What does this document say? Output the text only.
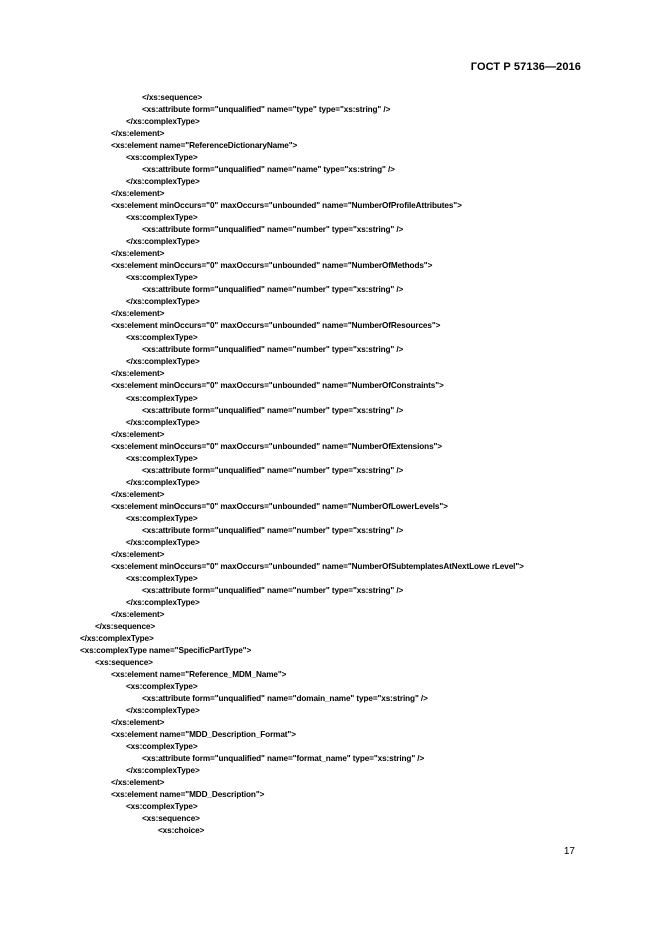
ГОСТ Р 57136—2016
</xs:sequence>
<xs:attribute form="unqualified" name="type" type="xs:string" />
</xs:complexType>
</xs:element>
<xs:element name="ReferenceDictionaryName">
<xs:complexType>
<xs:attribute form="unqualified" name="name" type="xs:string" />
</xs:complexType>
</xs:element>
<xs:element minOccurs="0" maxOccurs="unbounded" name="NumberOfProfileAttributes">
<xs:complexType>
<xs:attribute form="unqualified" name="number" type="xs:string" />
</xs:complexType>
</xs:element>
<xs:element minOccurs="0" maxOccurs="unbounded" name="NumberOfMethods">
<xs:complexType>
<xs:attribute form="unqualified" name="number" type="xs:string" />
</xs:complexType>
</xs:element>
<xs:element minOccurs="0" maxOccurs="unbounded" name="NumberOfResources">
<xs:complexType>
<xs:attribute form="unqualified" name="number" type="xs:string" />
</xs:complexType>
</xs:element>
<xs:element minOccurs="0" maxOccurs="unbounded" name="NumberOfConstraints">
<xs:complexType>
<xs:attribute form="unqualified" name="number" type="xs:string" />
</xs:complexType>
</xs:element>
<xs:element minOccurs="0" maxOccurs="unbounded" name="NumberOfExtensions">
<xs:complexType>
<xs:attribute form="unqualified" name="number" type="xs:string" />
</xs:complexType>
</xs:element>
<xs:element minOccurs="0" maxOccurs="unbounded" name="NumberOfLowerLevels">
<xs:complexType>
<xs:attribute form="unqualified" name="number" type="xs:string" />
</xs:complexType>
</xs:element>
<xs:element minOccurs="0" maxOccurs="unbounded" name="NumberOfSubtemplatesAtNextLowe rLevel">
<xs:complexType>
<xs:attribute form="unqualified" name="number" type="xs:string" />
</xs:complexType>
</xs:element>
</xs:sequence>
</xs:complexType>
<xs:complexType name="SpecificPartType">
<xs:sequence>
<xs:element name="Reference_MDM_Name">
<xs:complexType>
<xs:attribute form="unqualified" name="domain_name" type="xs:string" />
</xs:complexType>
</xs:element>
<xs:element name="MDD_Description_Format">
<xs:complexType>
<xs:attribute form="unqualified" name="format_name" type="xs:string" />
</xs:complexType>
</xs:element>
<xs:element name="MDD_Description">
<xs:complexType>
<xs:sequence>
<xs:choice>
17
